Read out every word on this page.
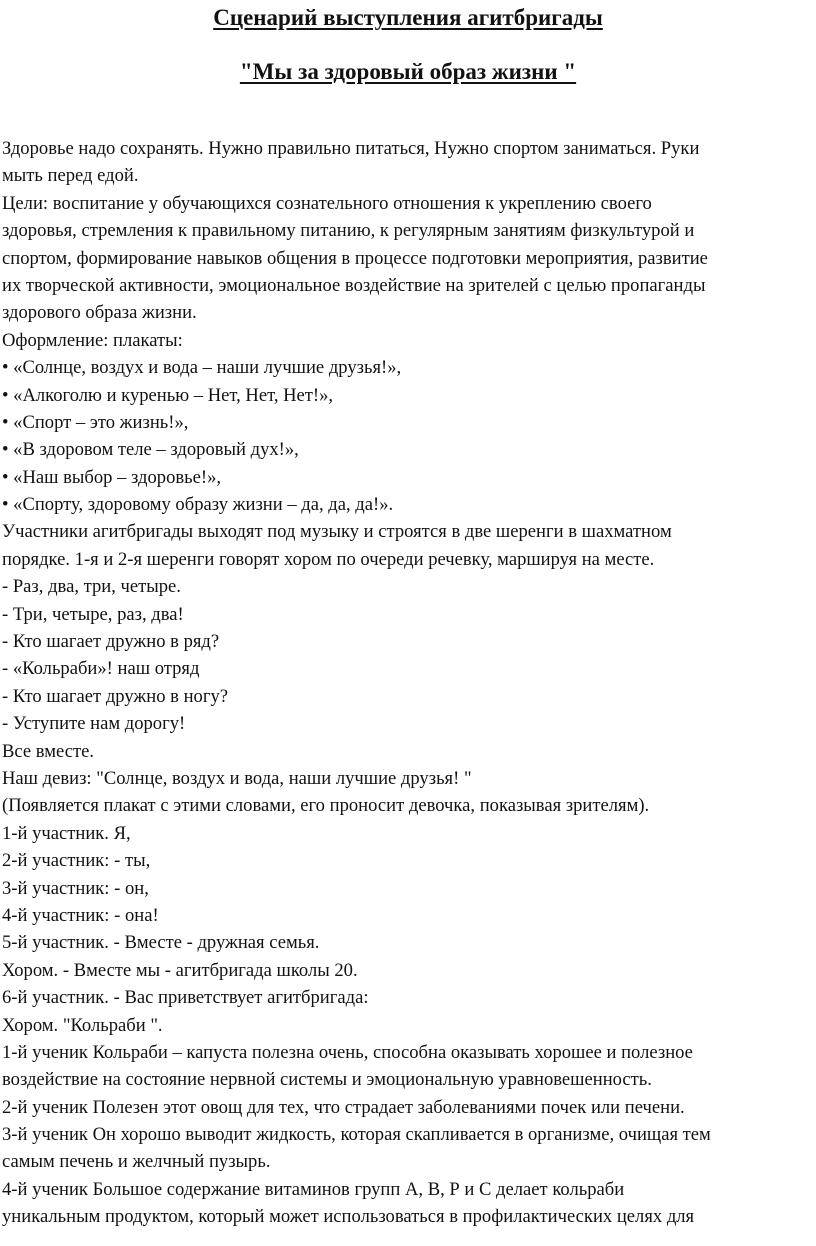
Сценарий выступления агитбригады
"Мы за здоровый образ жизни "
Здоровье надо сохранять. Нужно правильно питаться, Нужно спортом заниматься. Руки
мыть перед едой.
Цели: воспитание у обучающихся сознательного отношения к укреплению своего
здоровья, стремления к правильному питанию, к регулярным занятиям физкультурой и
спортом, формирование навыков общения в процессе подготовки мероприятия, развитие
их творческой активности, эмоциональное воздействие на зрителей с целью пропаганды
здорового образа жизни.
Оформление: плакаты:
• «Солнце, воздух и вода – наши лучшие друзья!»,
• «Алкоголю и куренью – Нет, Нет, Нет!»,
• «Спорт – это жизнь!»,
• «В здоровом теле – здоровый дух!»,
• «Наш выбор – здоровье!»,
• «Спорту, здоровому образу жизни – да, да, да!».
Участники агитбригады выходят под музыку и строятся в две шеренги в шахматном
порядке. 1-я и 2-я шеренги говорят хором по очереди речевку, маршируя на месте.
- Раз, два, три, четыре.
- Три, четыре, раз, два!
- Кто шагает дружно в ряд?
- «Кольраби»! наш отряд
- Кто шагает дружно в ногу?
- Уступите нам дорогу!
Все вместе.
Наш девиз: "Солнце, воздух и вода, наши лучшие друзья! "
(Появляется плакат с этими словами, его проносит девочка, показывая зрителям).
1-й участник. Я,
2-й участник: - ты,
3-й участник: - он,
4-й участник: - она!
5-й участник. - Вместе - дружная семья.
Хором. - Вместе мы - агитбригада школы 20.
6-й участник. - Вас приветствует агитбригада:
Хором. "Кольраби ".
1-й ученик Кольраби – капуста полезна очень, способна оказывать хорошее и полезное
воздействие на состояние нервной системы и эмоциональную уравновешенность.
2-й ученик Полезен этот овощ для тех, что страдает заболеваниями почек или печени.
3-й ученик Он хорошо выводит жидкость, которая скапливается в организме, очищая тем
самым печень и желчный пузырь.
4-й ученик Большое содержание витаминов групп А, В, Р и С делает кольраби
уникальным продуктом, который может использоваться в профилактических целях для
